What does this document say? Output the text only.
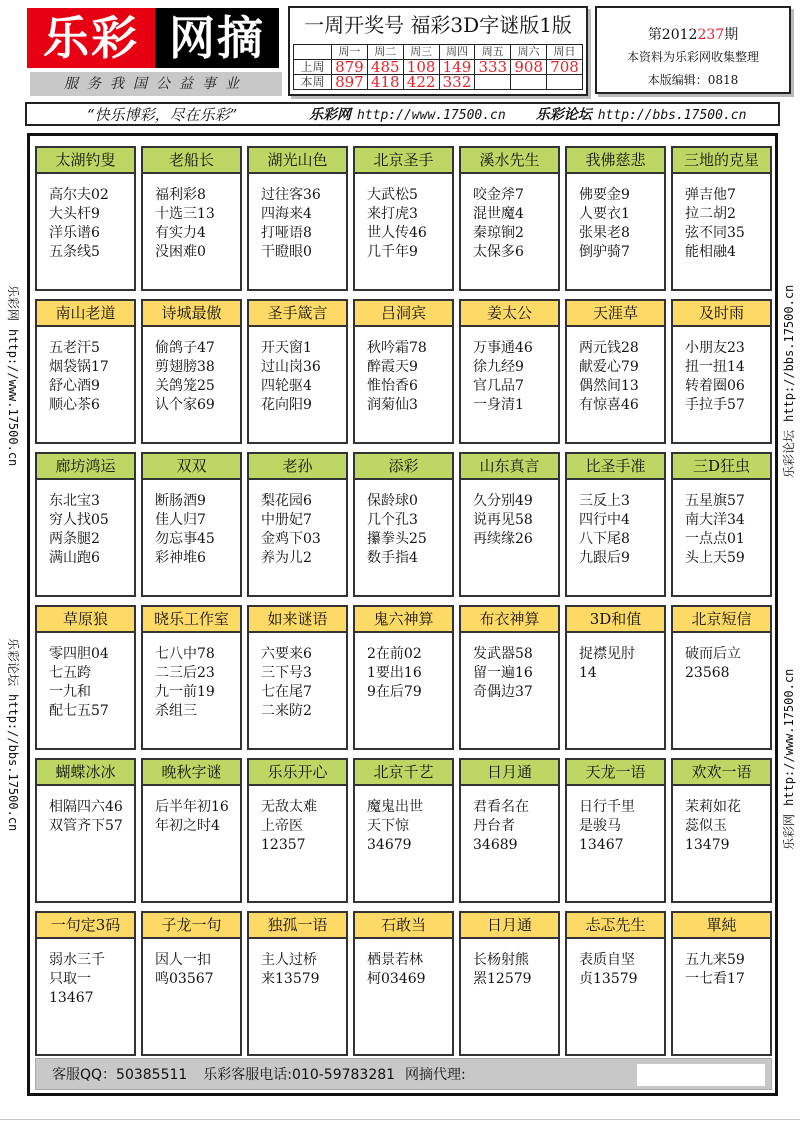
乐彩 网摘
服务我国公益事业
一周开奖号 福彩3D字谜版1版
	周一	周二	周三	周四	周五	周六	周日
上周	879	485	108	149	333	908	708
本周	897	418	422	332			
第2012237期
本资料为乐彩网收集整理
本版编辑：0818
“快乐博彩，尽在乐彩”	乐彩网 http://www.17500.cn 乐彩论坛 http://bbs.17500.cn
乐彩网http://www.17500.cn
乐彩论坛http://bbs.17500.cn
乐彩论坛http://bbs.17500.cn
乐彩网http://www.17500.cn
太湖钓叟
高尔夫02
大头杆9
洋乐谱6
五条线5
老船长
福利彩8
十选三13
有实力4
没困难0
湖光山色
过往客36
四海来4
打哑语8
干瞪眼0
北京圣手
大武松5
来打虎3
世人传46
几千年9
溪水先生
咬金斧7
混世魔4
秦琼锏2
太保多6
我佛慈悲
佛要金9
人要衣1
张果老8
倒驴骑7
三地的克星
弹吉他7
拉二胡2
弦不同35
能相融4
南山老道
五老汗5
烟袋锅17
舒心酒9
顺心茶6
诗城最傲
偷鸽子47
剪翅膀38
关鸽笼25
认个家69
圣手箴言
开天窗1
过山岗36
四轮驱4
花向阳9
吕洞宾
秋吟霜78
醉霞天9
惟怡香6
润菊仙3
姜太公
万事通46
徐九经9
官几品7
一身清1
天涯草
两元钱28
献爱心79
偶然间13
有惊喜46
及时雨
小朋友23
扭一扭14
转着圈06
手拉手57
廊坊鸿运
东北宝3
穷人找05
两条腿2
满山跑6
双双
断肠酒9
佳人归7
勿忘事45
彩神堆6
老孙
梨花园6
中册妃7
金鸡下03
养为儿2
添彩
保龄球0
几个孔3
攥拳头25
数手指4
山东真言
久分别49
说再见58
再续缘26
比圣手准
三反上3
四行中4
八下尾8
九跟后9
三D狂虫
五星旗57
南大洋34
一点点01
头上天59
草原狼
零四胆04
七五跨
一九和
配七五57
晓乐工作室
七八中78
二三后23
九一前19
杀组三
如来谜语
六要来6
三下号3
七在尾7
二来防2
鬼六神算
2在前02
1要出16
9在后79
布衣神算
发武器58
留一遍16
奇偶边37
3D和值
捉襟见肘
14
北京短信
破而后立
23568
蝴蝶冰冰
相隔四六46
双管齐下57
晚秋字谜
后半年初16
年初之时4
乐乐开心
无敌太难
上帝医
12357
北京千艺
魔鬼出世
天下惊
34679
日月通
君看名在
丹台者
34689
天龙一语
日行千里
是骏马
13467
欢欢一语
茉莉如花
蕊似玉
13479
一句定3码
弱水三千
只取一
13467
子龙一句
因人一扣
鸣03567
独孤一语
主人过桥
来13579
石敢当
栖景若林
柯03469
日月通
长杨射熊
罴12579
忐忑先生
表质自坚
贞13579
單純
五九来59
一七看17
客服QQ：50385511 乐彩客服电话:010-59783281 网摘代理:
